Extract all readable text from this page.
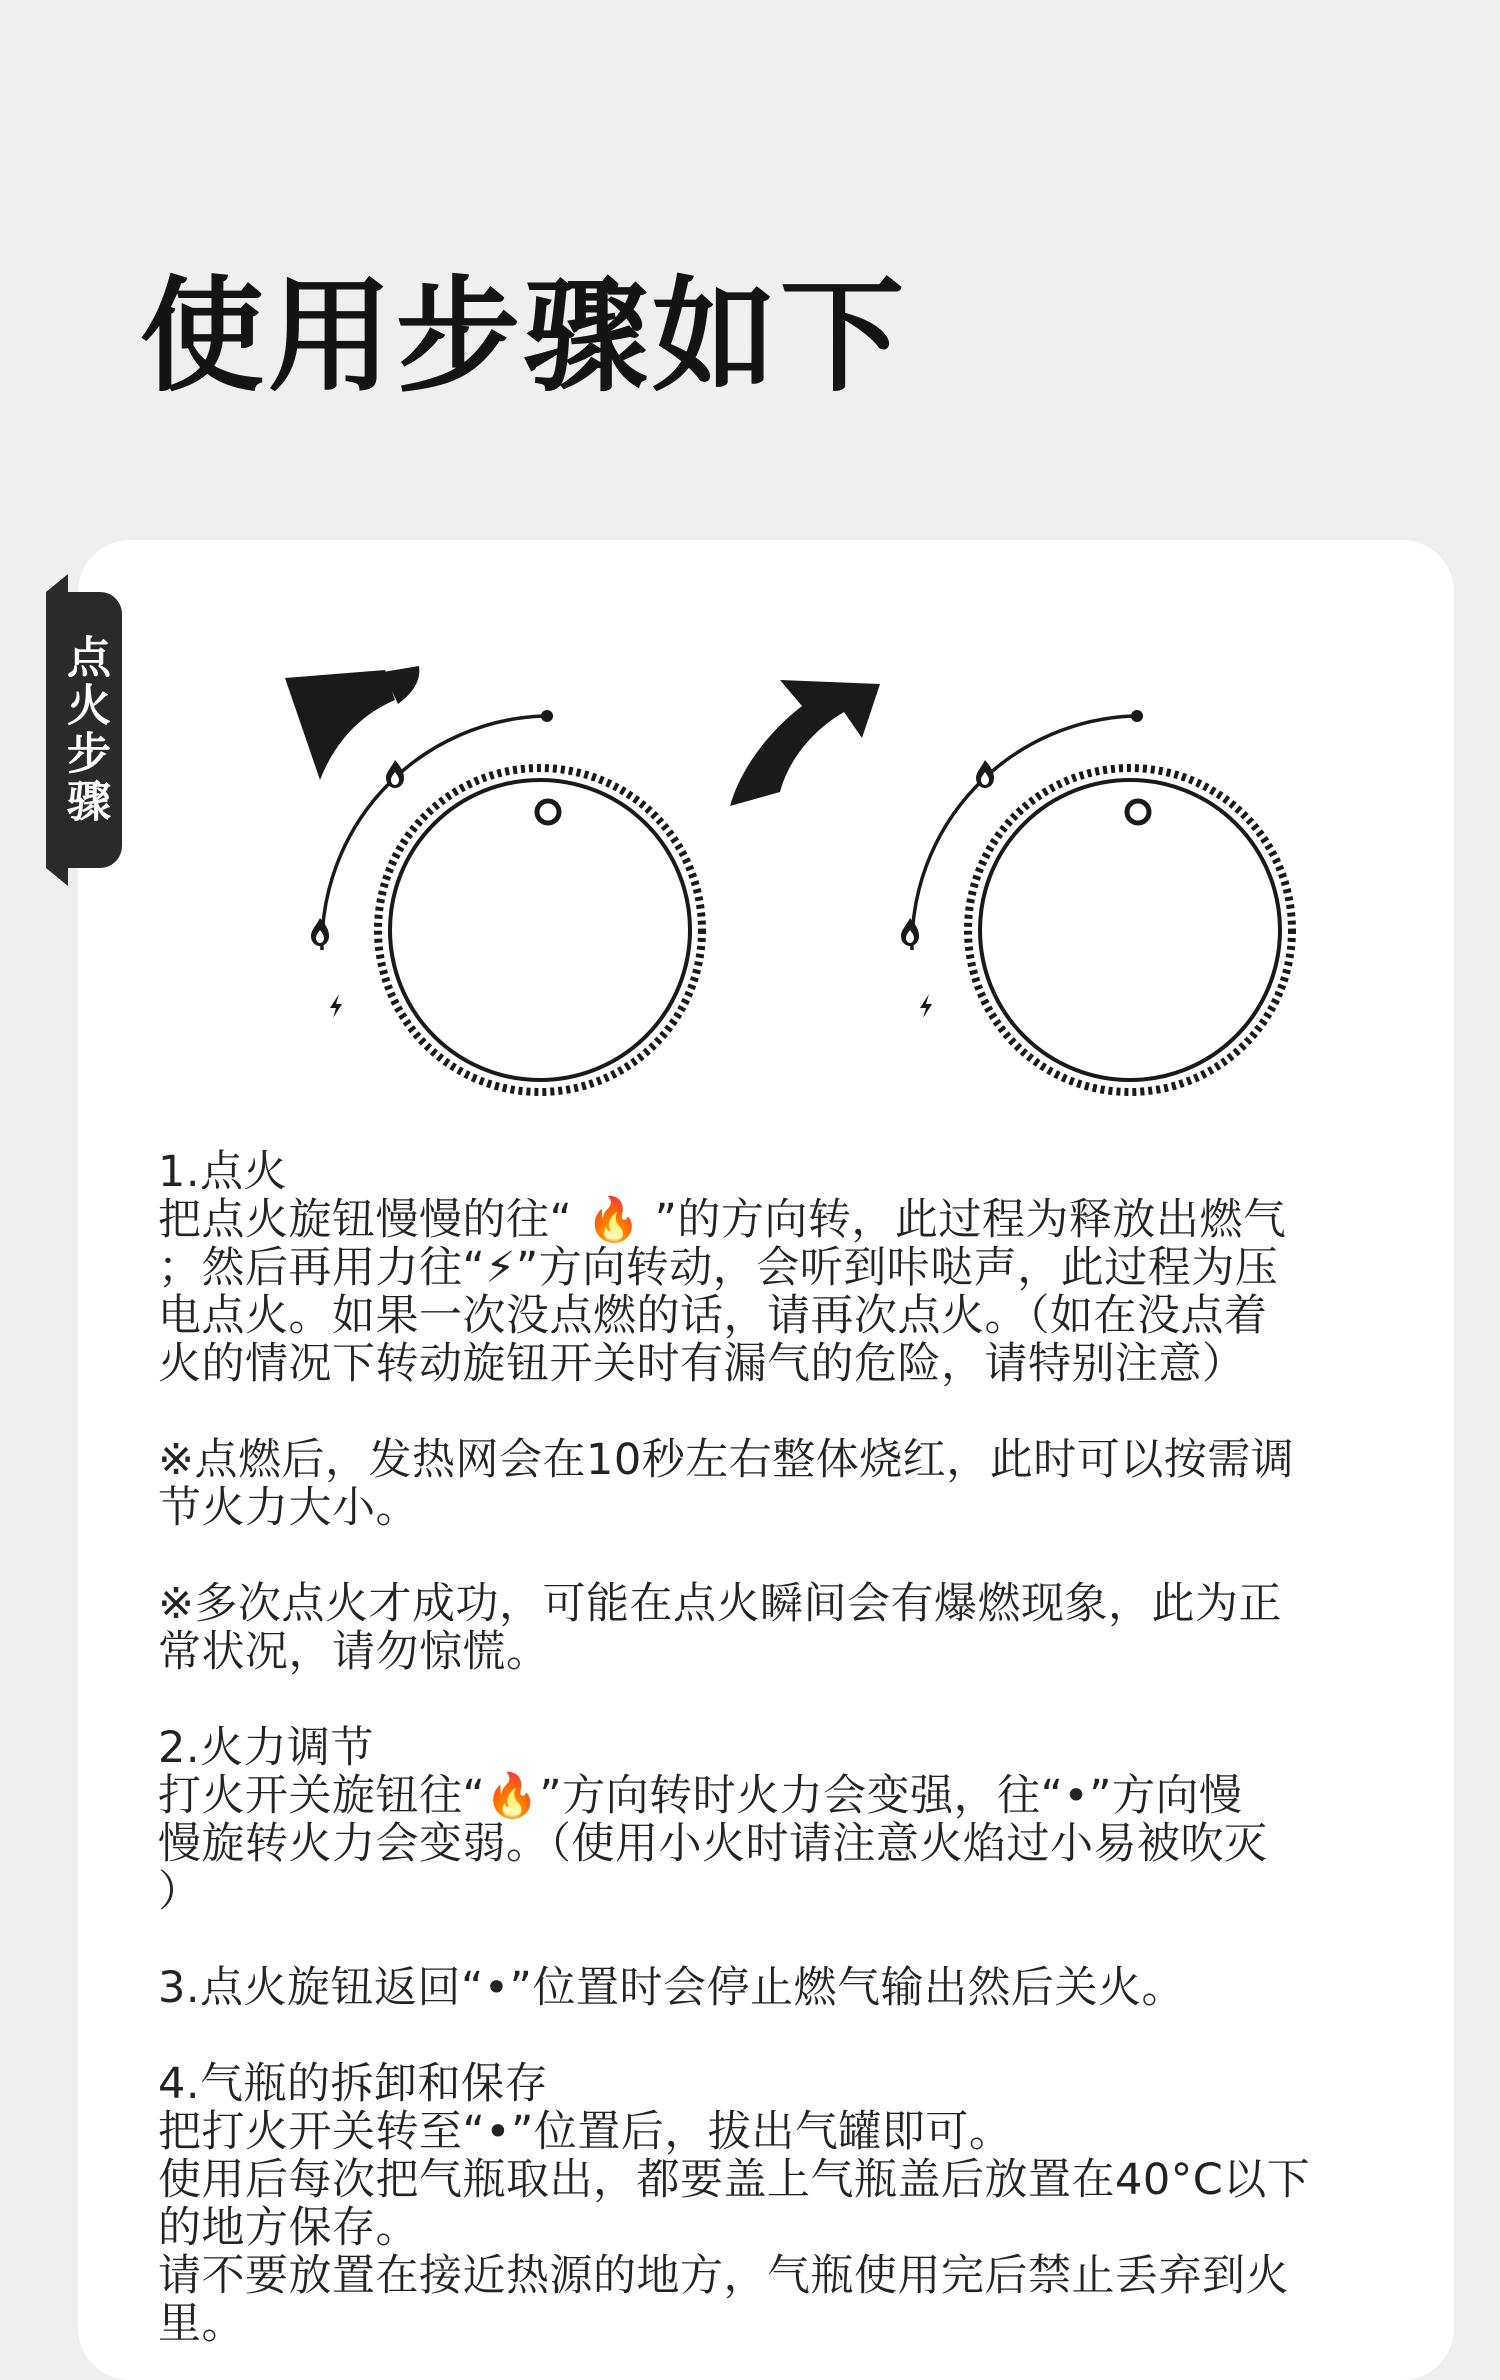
使用步骤如下
点火步骤

1.点火

把点火旋钮慢慢的往“ 🔥 ”的方向转，此过程为释放出燃气

；然后再用力往“⚡”方向转动，会听到咔哒声，此过程为压

电点火。如果一次没点燃的话，请再次点火。（如在没点着

火的情况下转动旋钮开关时有漏气的危险，请特别注意）

※点燃后，发热网会在10秒左右整体烧红，此时可以按需调

节火力大小。

※多次点火才成功，可能在点火瞬间会有爆燃现象，此为正

常状况，请勿惊慌。

2.火力调节

打火开关旋钮往“🔥”方向转时火力会变强，往“•”方向慢

慢旋转火力会变弱。（使用小火时请注意火焰过小易被吹灭

）

3.点火旋钮返回“•”位置时会停止燃气输出然后关火。

4.气瓶的拆卸和保存

把打火开关转至“•”位置后，拔出气罐即可。

使用后每次把气瓶取出，都要盖上气瓶盖后放置在40°C以下

的地方保存。

请不要放置在接近热源的地方，气瓶使用完后禁止丢弃到火

里。
